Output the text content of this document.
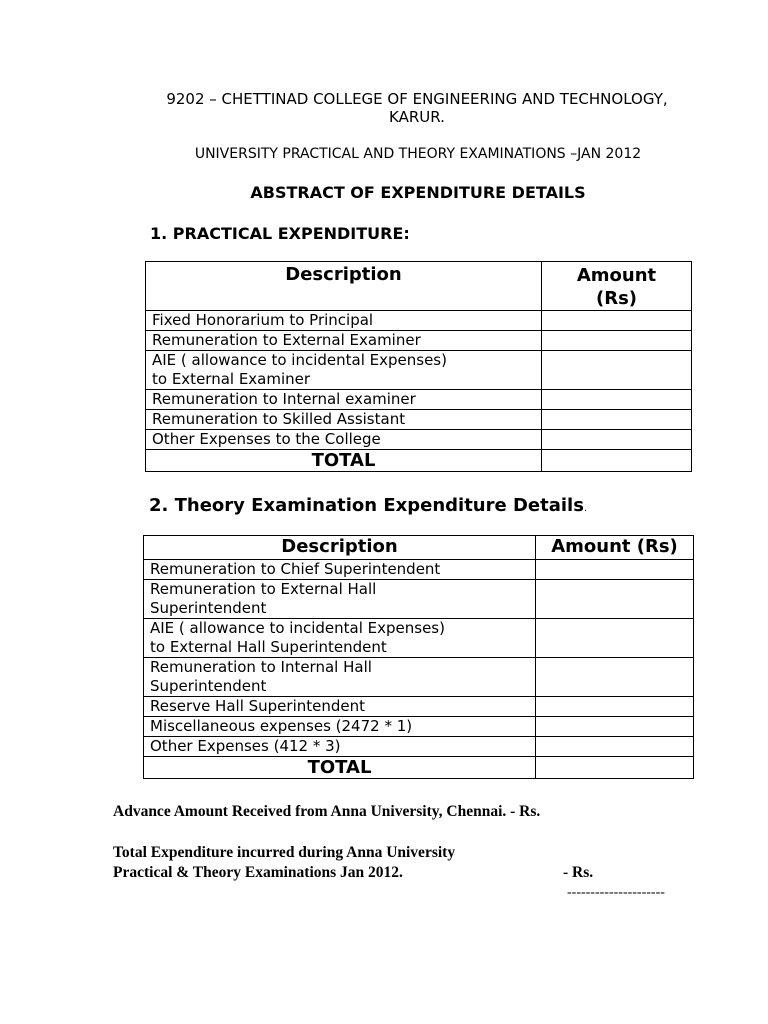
9202 – CHETTINAD COLLEGE OF ENGINEERING AND TECHNOLOGY,
KARUR.
UNIVERSITY PRACTICAL AND THEORY EXAMINATIONS –JAN 2012
ABSTRACT OF EXPENDITURE DETAILS
1. PRACTICAL EXPENDITURE:
Description	Amount
(Rs)
Fixed Honorarium to Principal	
Remuneration to External Examiner	
AIE ( allowance to incidental Expenses)
to External Examiner	
Remuneration to Internal examiner	
Remuneration to Skilled Assistant	
Other Expenses to the College	
TOTAL	
2. Theory Examination Expenditure Details.
Description	Amount (Rs)
Remuneration to Chief Superintendent	
Remuneration to External Hall
Superintendent	
AIE ( allowance to incidental Expenses)
to External Hall Superintendent	
Remuneration to Internal Hall
Superintendent	
Reserve Hall Superintendent	
Miscellaneous expenses (2472 * 1)	
Other Expenses (412 * 3)	
TOTAL	
Advance Amount Received from Anna University, Chennai. - Rs.
Total Expenditure incurred during Anna University
Practical & Theory Examinations Jan 2012.	- Rs.
---------------------
